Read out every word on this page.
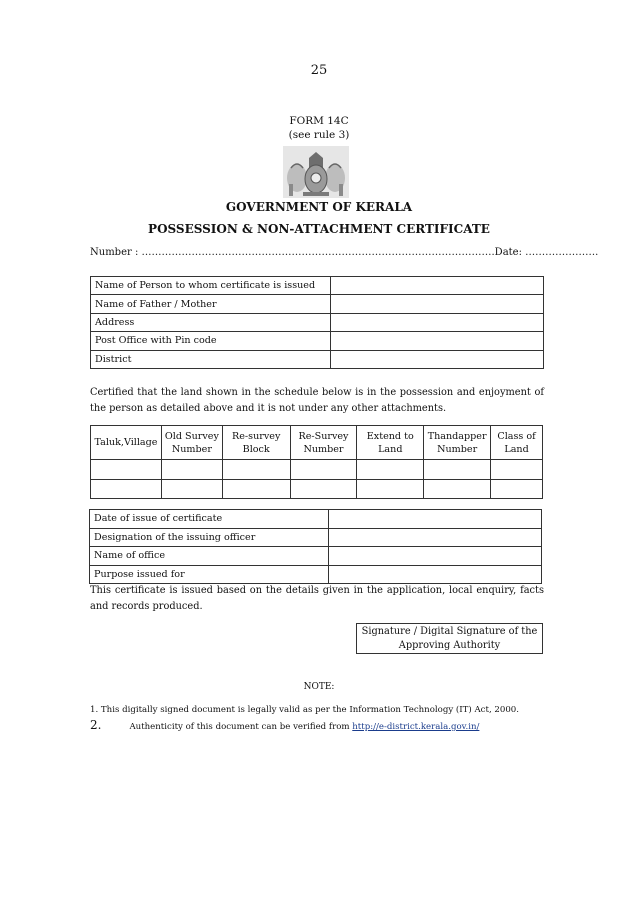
25
FORM 14C
(see rule 3)
GOVERNMENT OF KERALA
POSSESSION & NON-ATTACHMENT CERTIFICATE
Number : …………………………………………………………………………………………….Date: ………………….
Name of Person to whom certificate is issued	
Name of Father / Mother	
Address	
Post Office with Pin code	
District	
Certified that the land shown in the schedule below is in the possession and enjoyment of the person as detailed above and it is not under any other attachments.
Taluk,Village	Old Survey Number	Re-survey Block	Re-Survey Number	Extend to Land	Thandapper Number	Class of Land

Date of issue of certificate	
Designation of the issuing officer	
Name of office	
Purpose issued for	
This certificate is issued based on the details given in the application, local enquiry, facts and records produced.
Signature / Digital Signature of the
Approving Authority
NOTE:
1. This digitally signed document is legally valid as per the Information Technology (IT) Act, 2000.
2.	Authenticity of this document can be verified from http://e-district.kerala.gov.in/
